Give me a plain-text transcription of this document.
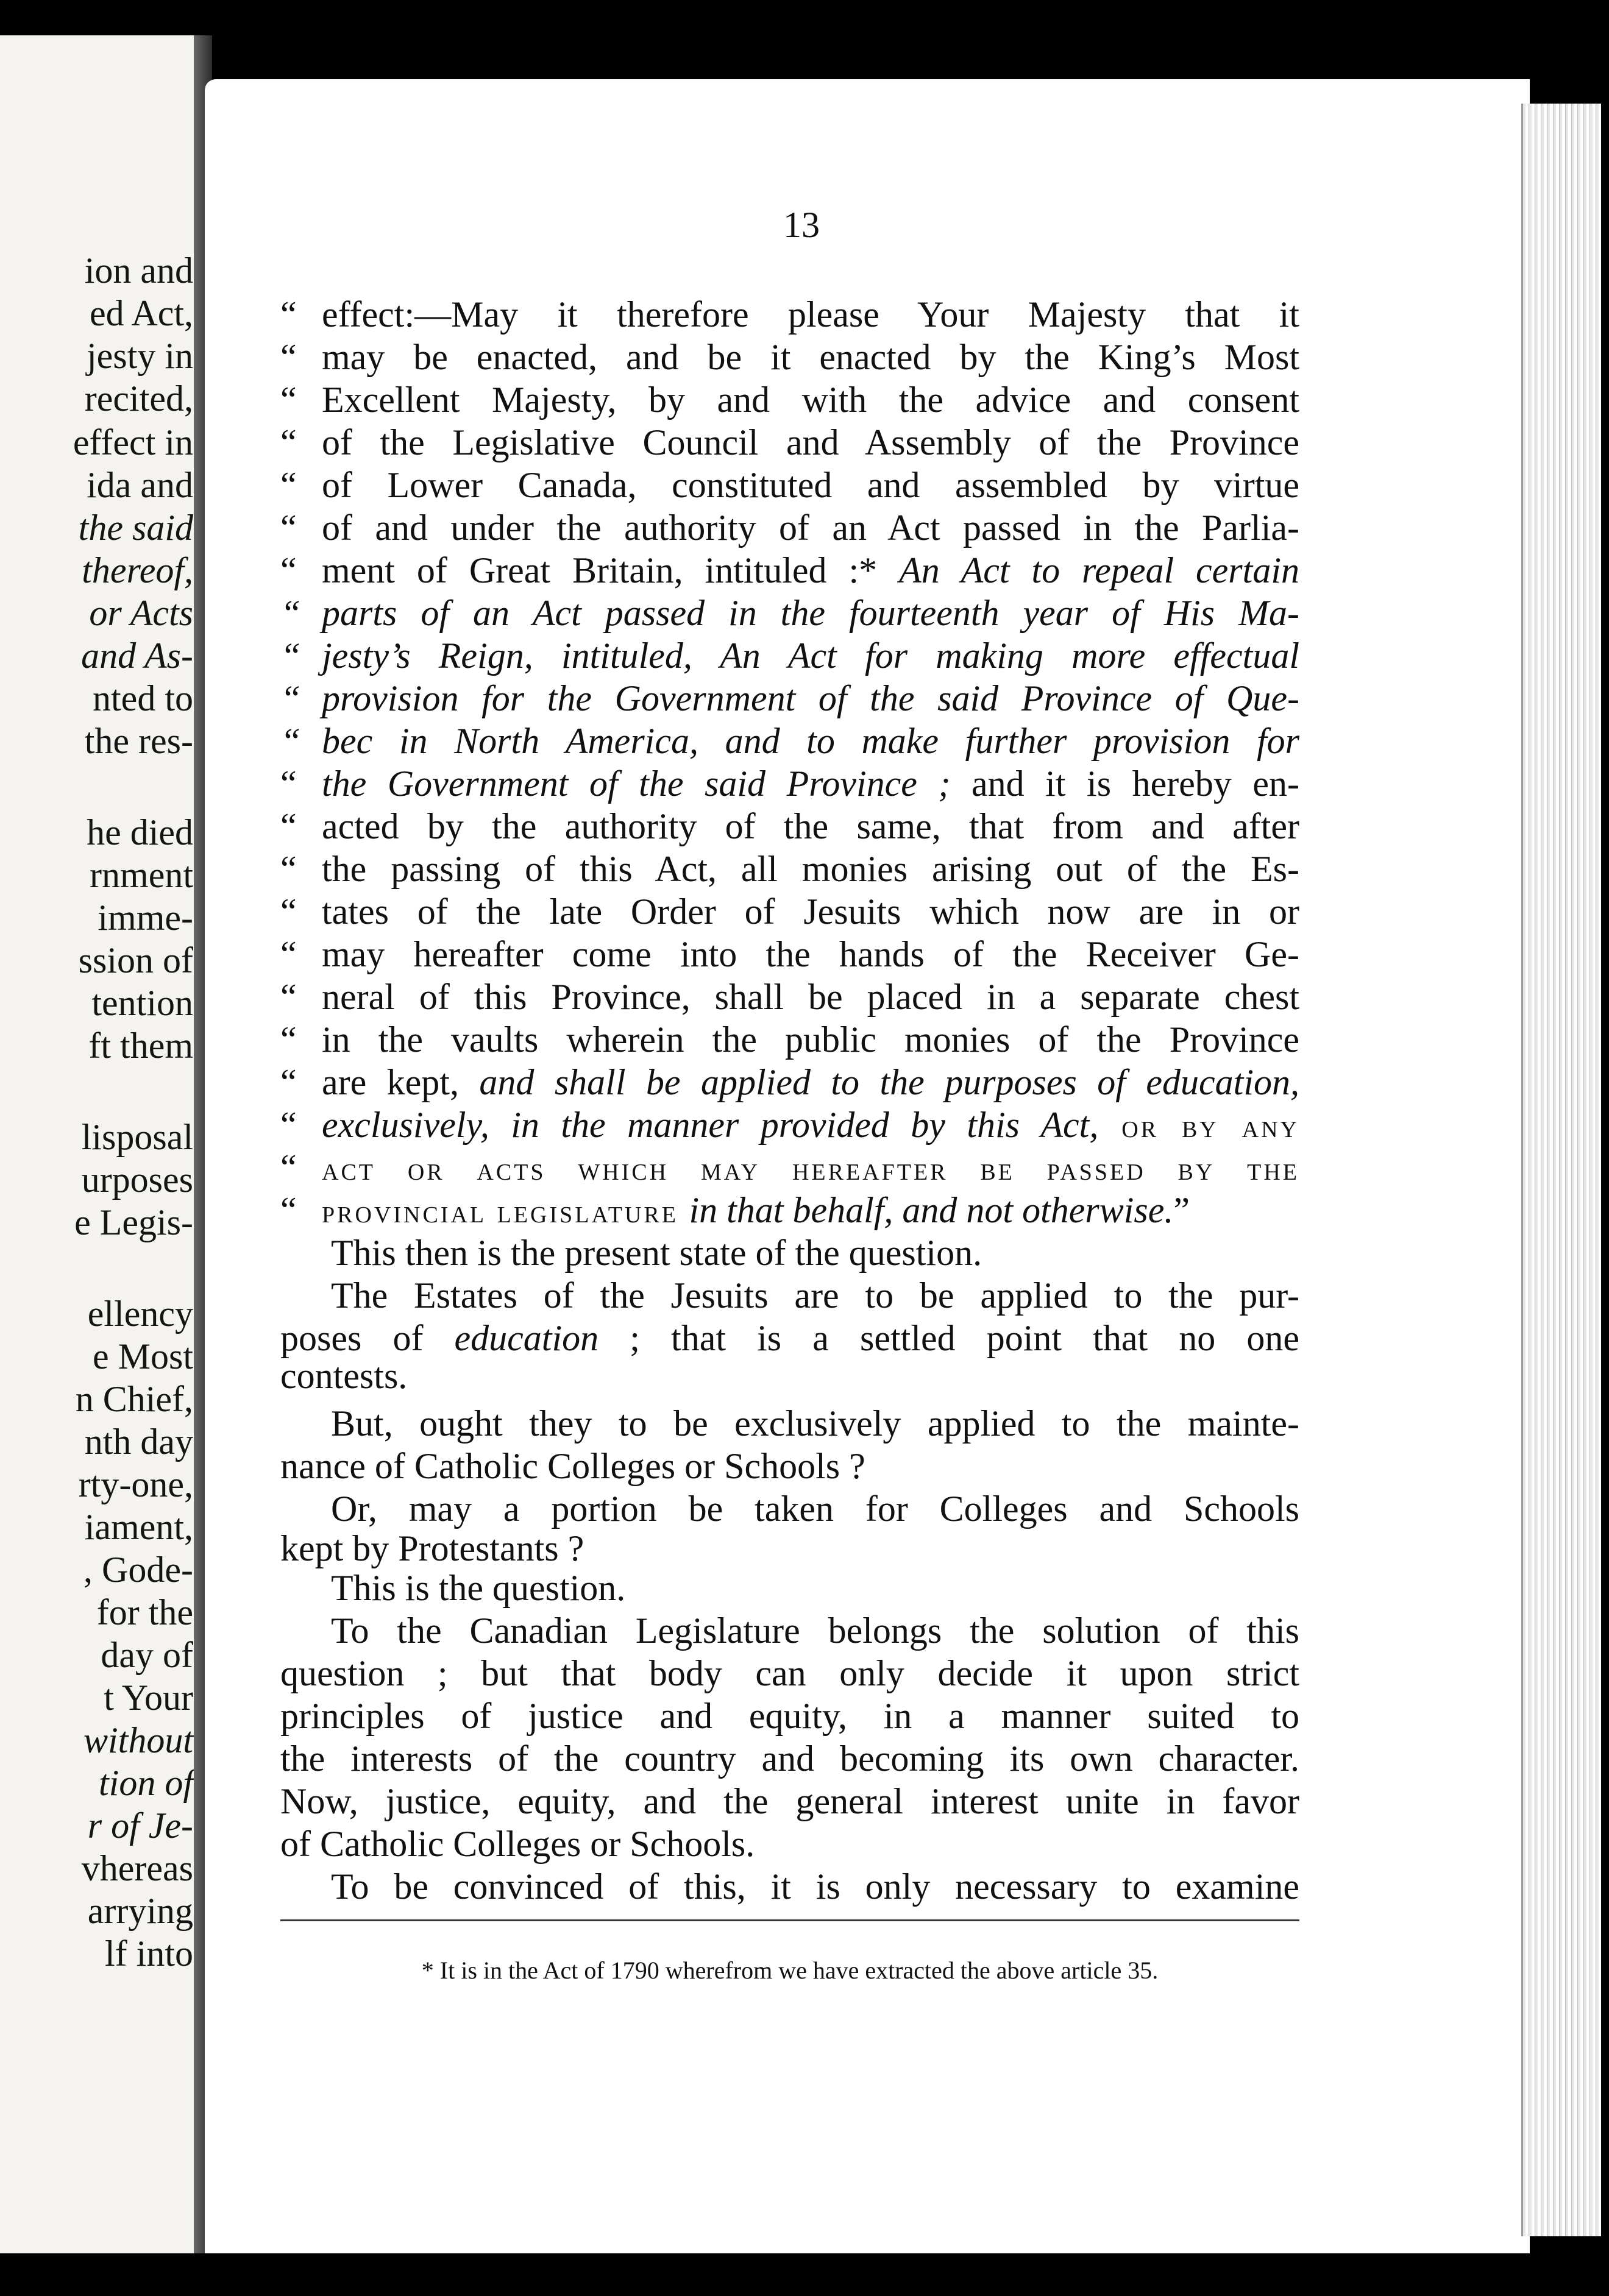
ion and
ed Act,
jesty in
recited,
effect in
ida and
the said
thereof,
or Acts
and As-
nted to
the res-
he died
rnment
imme-
ssion of
tention
ft them
lisposal
urposes
e Legis-
ellency
e Most
n Chief,
nth day
rty-one,
iament,
, Gode-
for the
day of
t Your
without
tion of
r of Je-
vhereas
arrying
lf into
13
“ effect:—May it therefore please Your Majesty that it
“ may be enacted, and be it enacted by the King’s Most
“ Excellent Majesty, by and with the advice and consent
“ of the Legislative Council and Assembly of the Province
“ of Lower Canada, constituted and assembled by virtue
“ of and under the authority of an Act passed in the Parlia-
“ ment of Great Britain, intituled :* An Act to repeal certain
“ parts of an Act passed in the fourteenth year of His Ma-
“ jesty’s Reign, intituled, An Act for making more effectual
“ provision for the Government of the said Province of Que-
“ bec in North America, and to make further provision for
“ the Government of the said Province ; and it is hereby en-
“ acted by the authority of the same, that from and after
“ the passing of this Act, all monies arising out of the Es-
“ tates of the late Order of Jesuits which now are in or
“ may hereafter come into the hands of the Receiver Ge-
“ neral of this Province, shall be placed in a separate chest
“ in the vaults wherein the public monies of the Province
“ are kept, and shall be applied to the purposes of education,
“ exclusively, in the manner provided by this Act, or by any
“ act or acts which may hereafter be passed by the
“ provincial legislature in that behalf, and not otherwise.”
This then is the present state of the question.
The Estates of the Jesuits are to be applied to the pur-
poses of education ; that is a settled point that no one
contests.
But, ought they to be exclusively applied to the mainte-
nance of Catholic Colleges or Schools ?
Or, may a portion be taken for Colleges and Schools
kept by Protestants ?
This is the question.
To the Canadian Legislature belongs the solution of this
question ; but that body can only decide it upon strict
principles of justice and equity, in a manner suited to
the interests of the country and becoming its own character.
Now, justice, equity, and the general interest unite in favor
of Catholic Colleges or Schools.
To be convinced of this, it is only necessary to examine
* It is in the Act of 1790 wherefrom we have extracted the above article 35.
